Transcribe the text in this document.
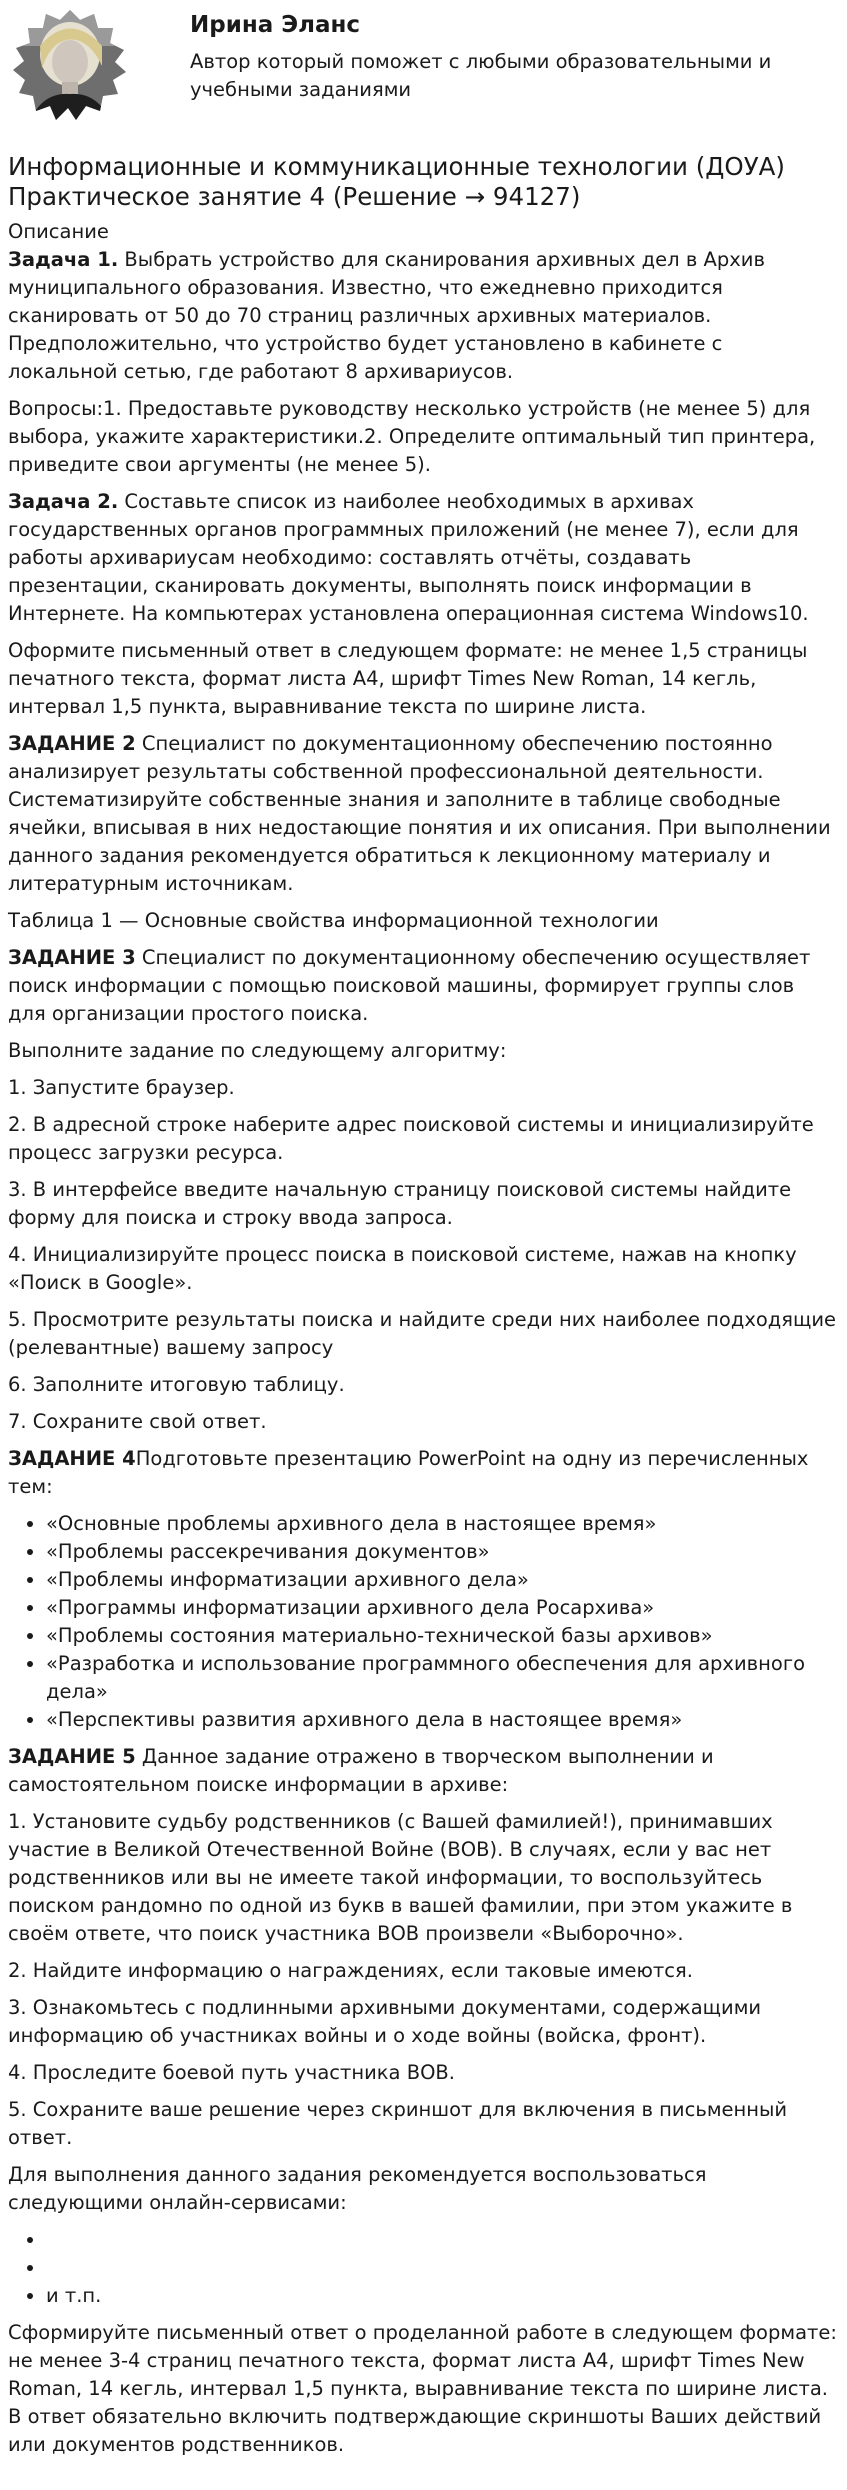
Ирина Эланс
Автор который поможет с любыми образовательными и учебными заданиями
Информационные и коммуникационные технологии (ДОУА) Практическое занятие 4 (Решение → 94127)
Описание

Задача 1. Выбрать устройство для сканирования архивных дел в Архив муниципального образования. Известно, что ежедневно приходится сканировать от 50 до 70 страниц различных архивных материалов. Предположительно, что устройство будет установлено в кабинете с локальной сетью, где работают 8 архивариусов.

Вопросы:1. Предоставьте руководству несколько устройств (не менее 5) для выбора, укажите характеристики.2. Определите оптимальный тип принтера, приведите свои аргументы (не менее 5).

Задача 2. Составьте список из наиболее необходимых в архивах государственных органов программных приложений (не менее 7), если для работы архивариусам необходимо: составлять отчёты, создавать презентации, сканировать документы, выполнять поиск информации в Интернете. На компьютерах установлена операционная система Windows10.

Оформите письменный ответ в следующем формате: не менее 1,5 страницы печатного текста, формат листа А4, шрифт Times New Roman, 14 кегль, интервал 1,5 пункта, выравнивание текста по ширине листа.

ЗАДАНИЕ 2 Специалист по документационному обеспечению постоянно анализирует результаты собственной профессиональной деятельности. Систематизируйте собственные знания и заполните в таблице свободные ячейки, вписывая в них недостающие понятия и их описания. При выполнении данного задания рекомендуется обратиться к лекционному материалу и литературным источникам.

Таблица 1 — Основные свойства информационной технологии

ЗАДАНИЕ 3 Специалист по документационному обеспечению осуществляет поиск информации с помощью поисковой машины, формирует группы слов для организации простого поиска.

Выполните задание по следующему алгоритму:

1. Запустите браузер.

2. В адресной строке наберите адрес поисковой системы и инициализируйте процесс загрузки ресурса.

3. В интерфейсе введите начальную страницу поисковой системы найдите форму для поиска и строку ввода запроса.

4. Инициализируйте процесс поиска в поисковой системе, нажав на кнопку «Поиск в Google».

5. Просмотрите результаты поиска и найдите среди них наиболее подходящие (релевантные) вашему запросу

6. Заполните итоговую таблицу.

7. Сохраните свой ответ.

ЗАДАНИЕ 4Подготовьте презентацию PowerPoint на одну из перечисленных тем:

• «Основные проблемы архивного дела в настоящее время»
• «Проблемы рассекречивания документов»
• «Проблемы информатизации архивного дела»
• «Программы информатизации архивного дела Росархива»
• «Проблемы состояния материально-технической базы архивов»
• «Разработка и использование программного обеспечения для архивного дела»
• «Перспективы развития архивного дела в настоящее время»

ЗАДАНИЕ 5 Данное задание отражено в творческом выполнении и самостоятельном поиске информации в архиве:

1. Установите судьбу родственников (с Вашей фамилией!), принимавших участие в Великой Отечественной Войне (ВОВ). В случаях, если у вас нет родственников или вы не имеете такой информации, то воспользуйтесь поиском рандомно по одной из букв в вашей фамилии, при этом укажите в своём ответе, что поиск участника ВОВ произвели «Выборочно».

2. Найдите информацию о награждениях, если таковые имеются.

3. Ознакомьтесь с подлинными архивными документами, содержащими информацию об участниках войны и о ходе войны (войска, фронт).

4. Проследите боевой путь участника ВОВ.

5. Сохраните ваше решение через скриншот для включения в письменный ответ.

Для выполнения данного задания рекомендуется воспользоваться следующими онлайн-сервисами:

•
•
• и т.п.

Сформируйте письменный ответ о проделанной работе в следующем формате: не менее 3-4 страниц печатного текста, формат листа А4, шрифт Times New Roman, 14 кегль, интервал 1,5 пункта, выравнивание текста по ширине листа. В ответ обязательно включить подтверждающие скриншоты Ваших действий или документов родственников.
